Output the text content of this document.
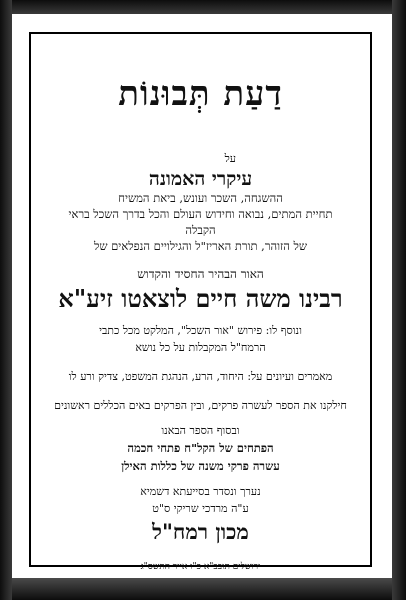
דַעַת תְּבוּנוֹת
על
עיקרי האמונה
ההשגחה, השכר ועונש, ביאת המשיח
תחיית המתים, נבואה וחידוש העולם והכל בדרך השכל בראי
הקבלה
של הזוהר, תורת האריז"ל והגילויים הנפלאים של
האור הבהיר החסיד והקדוש
רבינו משה חיים לוצאטו זיע"א
ונוסף לו: פירוש "אור השכל", המלקט מכל כתבי
הרמח"ל המקבלות על כל נושא
מאמרים ועיונים על: היחוד, הרע, הנהגת המשפט, צדיק ורע לו
חילקנו את הספר לעשרה פרקים, ובין הפרקים באים הכללים ראשונים
ובסוף הספר הבאנו
הפתחים של הקל"ח פתחי חכמה
עשרה פרקי משנה של כללות האילן
נערך ונסדר בסייעתא דשמיא
ע"ה מרדכי שריקי ס"ט
מכון רמח"ל
ירושלים תובב"א כ"ו אייר התשס"ג
